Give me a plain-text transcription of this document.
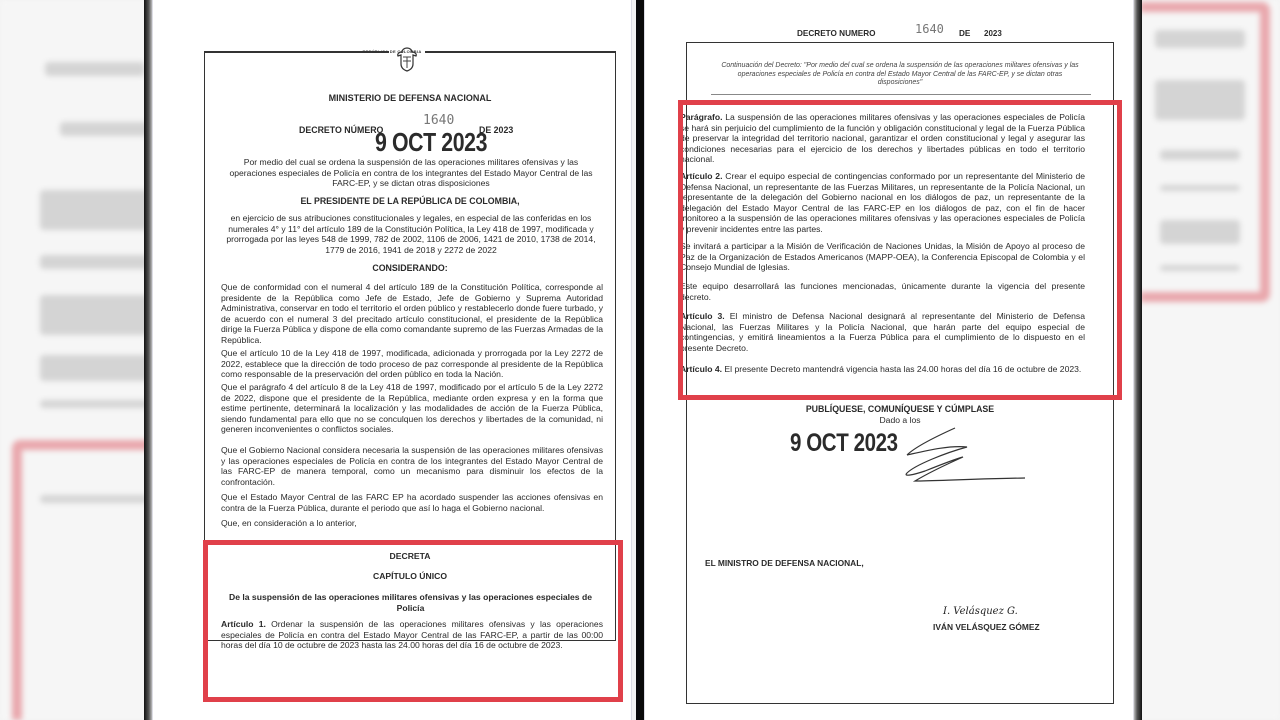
REPÚBLICA DE COLOMBIA
MINISTERIO DE DEFENSA NACIONAL
DECRETO NÚMERO
1640
DE 2023
9 OCT 2023
Por medio del cual se ordena la suspensión de las operaciones militares ofensivas y las operaciones especiales de Policía en contra de los integrantes del Estado Mayor Central de las FARC-EP, y se dictan otras disposiciones
EL PRESIDENTE DE LA REPÚBLICA DE COLOMBIA,
en ejercicio de sus atribuciones constitucionales y legales, en especial de las conferidas en los numerales 4° y 11° del artículo 189 de la Constitución Política, la Ley 418 de 1997, modificada y prorrogada por las leyes 548 de 1999, 782 de 2002, 1106 de 2006, 1421 de 2010, 1738 de 2014, 1779 de 2016, 1941 de 2018 y 2272 de 2022
CONSIDERANDO:
Que de conformidad con el numeral 4 del artículo 189 de la Constitución Política, corresponde al presidente de la República como Jefe de Estado, Jefe de Gobierno y Suprema Autoridad Administrativa, conservar en todo el territorio el orden público y restablecerlo donde fuere turbado, y de acuerdo con el numeral 3 del precitado artículo constitucional, el presidente de la República dirige la Fuerza Pública y dispone de ella como comandante supremo de las Fuerzas Armadas de la República.
Que el artículo 10 de la Ley 418 de 1997, modificada, adicionada y prorrogada por la Ley 2272 de 2022, establece que la dirección de todo proceso de paz corresponde al presidente de la República como responsable de la preservación del orden público en toda la Nación.
Que el parágrafo 4 del artículo 8 de la Ley 418 de 1997, modificado por el artículo 5 de la Ley 2272 de 2022, dispone que el presidente de la República, mediante orden expresa y en la forma que estime pertinente, determinará la localización y las modalidades de acción de la Fuerza Pública, siendo fundamental para ello que no se conculquen los derechos y libertades de la comunidad, ni generen inconvenientes o conflictos sociales.
Que el Gobierno Nacional considera necesaria la suspensión de las operaciones militares ofensivas y las operaciones especiales de Policía en contra de los integrantes del Estado Mayor Central de las FARC-EP de manera temporal, como un mecanismo para disminuir los efectos de la confrontación.
Que el Estado Mayor Central de las FARC EP ha acordado suspender las acciones ofensivas en contra de la Fuerza Pública, durante el periodo que así lo haga el Gobierno nacional.
Que, en consideración a lo anterior,
DECRETA
CAPÍTULO ÚNICO
De la suspensión de las operaciones militares ofensivas y las operaciones especiales de Policía
Artículo 1. Ordenar la suspensión de las operaciones militares ofensivas y las operaciones especiales de Policía en contra del Estado Mayor Central de las FARC-EP, a partir de las 00:00 horas del día 10 de octubre de 2023 hasta las 24.00 horas del día 16 de octubre de 2023.
DECRETO NUMERO	1640 DE 2023
Continuación del Decreto: "Por medio del cual se ordena la suspensión de las operaciones militares ofensivas y las operaciones especiales de Policía en contra del Estado Mayor Central de las FARC-EP, y se dictan otras disposiciones"
Parágrafo. La suspensión de las operaciones militares ofensivas y las operaciones especiales de Policía se hará sin perjuicio del cumplimiento de la función y obligación constitucional y legal de la Fuerza Pública de preservar la integridad del territorio nacional, garantizar el orden constitucional y legal y asegurar las condiciones necesarias para el ejercicio de los derechos y libertades públicas en todo el territorio nacional.
Artículo 2. Crear el equipo especial de contingencias conformado por un representante del Ministerio de Defensa Nacional, un representante de las Fuerzas Militares, un representante de la Policía Nacional, un representante de la delegación del Gobierno nacional en los diálogos de paz, un representante de la delegación del Estado Mayor Central de las FARC-EP en los diálogos de paz, con el fin de hacer monitoreo a la suspensión de las operaciones militares ofensivas y las operaciones especiales de Policía y prevenir incidentes entre las partes.
Se invitará a participar a la Misión de Verificación de Naciones Unidas, la Misión de Apoyo al proceso de Paz de la Organización de Estados Americanos (MAPP-OEA), la Conferencia Episcopal de Colombia y el Consejo Mundial de Iglesias.
Este equipo desarrollará las funciones mencionadas, únicamente durante la vigencia del presente decreto.
Artículo 3. El ministro de Defensa Nacional designará al representante del Ministerio de Defensa Nacional, las Fuerzas Militares y la Policía Nacional, que harán parte del equipo especial de contingencias, y emitirá lineamientos a la Fuerza Pública para el cumplimiento de lo dispuesto en el presente Decreto.
Artículo 4. El presente Decreto mantendrá vigencia hasta las 24.00 horas del día 16 de octubre de 2023.
PUBLÍQUESE, COMUNÍQUESE Y CÚMPLASE
Dado a los
9 OCT 2023
EL MINISTRO DE DEFENSA NACIONAL,
I. Velásquez G.
IVÁN VELÁSQUEZ GÓMEZ
